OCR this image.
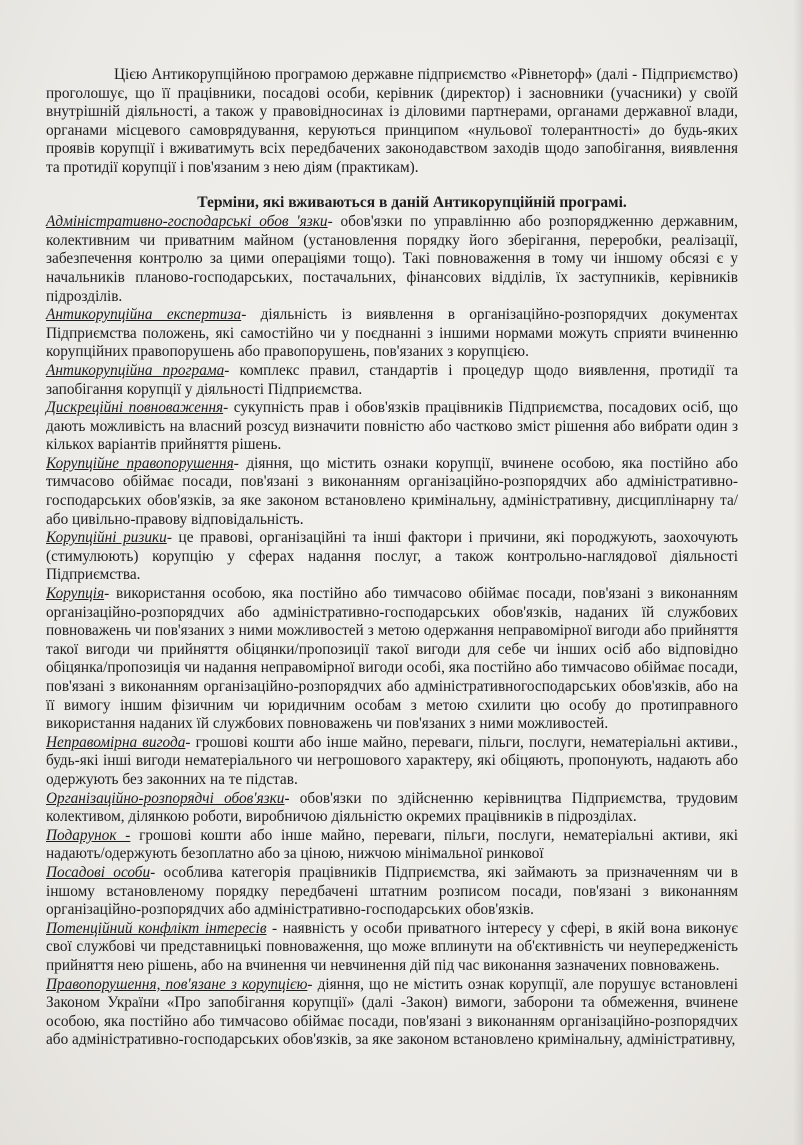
Цією Антикорупційною програмою державне підприємство «Рівнеторф» (далі - Підприємство) проголошує, що її працівники, посадові особи, керівник (директор) і засновники (учасники) у своїй внутрішній діяльності, а також у правовідносинах із діловими партнерами, органами державної влади, органами місцевого самоврядування, керуються принципом «нульової толерантності» до будь-яких проявів корупції і вживатимуть всіх передбачених законодавством заходів щодо запобігання, виявлення та протидії корупції і пов'язаним з нею діям (практикам).

Терміни, які вживаються в даній Антикорупційній програмі.
Адміністративно-господарські обов 'язки- обов'язки по управлінню або розпорядженню державним, колективним чи приватним майном (установлення порядку його зберігання, переробки, реалізації, забезпечення контролю за цими операціями тощо). Такі повноваження в тому чи іншому обсязі є у начальників планово-господарських, постачальних, фінансових відділів, їх заступників, керівників підрозділів.
Антикорупційна експертиза- діяльність із виявлення в організаційно-розпорядчих документах Підприємства положень, які самостійно чи у поєднанні з іншими нормами можуть сприяти вчиненню корупційних правопорушень або правопорушень, пов'язаних з корупцією.
Антикорупційна програма- комплекс правил, стандартів і процедур щодо виявлення, протидії та запобігання корупції у діяльності Підприємства.
Дискреційні повноваження- сукупність прав і обов'язків працівників Підприємства, посадових осіб, що дають можливість на власний розсуд визначити повністю або частково зміст рішення або вибрати один з кількох варіантів прийняття рішень.
Корупційне правопорушення- діяння, що містить ознаки корупції, вчинене особою, яка постійно або тимчасово обіймає посади, пов'язані з виконанням організаційно-розпорядчих або адміністративно-господарських обов'язків, за яке законом встановлено кримінальну, адміністративну, дисциплінарну та/або цивільно-правову відповідальність.
Корупційні ризики- це правові, організаційні та інші фактори і причини, які породжують, заохочують (стимулюють) корупцію у сферах надання послуг, а також контрольно-наглядової діяльності Підприємства.
Корупція- використання особою, яка постійно або тимчасово обіймає посади, пов'язані з виконанням організаційно-розпорядчих або адміністративно-господарських обов'язків, наданих їй службових повноважень чи пов'язаних з ними можливостей з метою одержання неправомірної вигоди або прийняття такої вигоди чи прийняття обіцянки/пропозиції такої вигоди для себе чи інших осіб або відповідно обіцянка/пропозиція чи надання неправомірної вигоди особі, яка постійно або тимчасово обіймає посади, пов'язані з виконанням організаційно-розпорядчих або адміністративногосподарських обов'язків, або на її вимогу іншим фізичним чи юридичним особам з метою схилити цю особу до протиправного використання наданих їй службових повноважень чи пов'язаних з ними можливостей.
Неправомірна вигода- грошові кошти або інше майно, переваги, пільги, послуги, нематеріальні активи., будь-які інші вигоди нематеріального чи негрошового характеру, які обіцяють, пропонують, надають або одержують без законних на те підстав.
Організаційно-розпорядчі обов'язки- обов'язки по здійсненню керівництва Підприємства, трудовим колективом, ділянкою роботи, виробничою діяльністю окремих працівників в підрозділах.
Подарунок - грошові кошти або інше майно, переваги, пільги, послуги, нематеріальні активи, які надають/одержують безоплатно або за ціною, нижчою мінімальної ринкової
Посадові особи- особлива категорія працівників Підприємства, які займають за призначенням чи в іншому встановленому порядку передбачені штатним розписом посади, пов'язані з виконанням організаційно-розпорядчих або адміністративно-господарських обов'язків.
Потенційний конфлікт інтересів - наявність у особи приватного інтересу у сфері, в якій вона виконує свої службові чи представницькі повноваження, що може вплинути на об'єктивність чи неупередженість прийняття нею рішень, або на вчинення чи невчинення дій під час виконання зазначених повноважень.
Правопорушення, пов'язане з корупцією- діяння, що не містить ознак корупції, але порушує встановлені Законом України «Про запобігання корупції» (далі -Закон) вимоги, заборони та обмеження, вчинене особою, яка постійно або тимчасово обіймає посади, пов'язані з виконанням організаційно-розпорядчих або адміністративно-господарських обов'язків, за яке законом встановлено кримінальну, адміністративну,
